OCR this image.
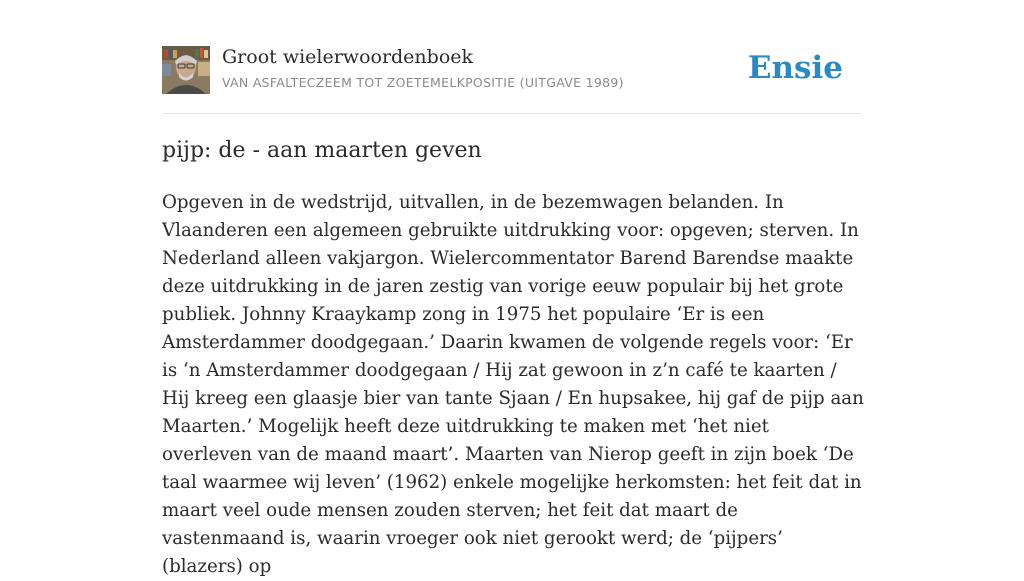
Groot wielerwoordenboek
VAN ASFALTECZEEM TOT ZOETEMELKPOSITIE (UITGAVE 1989)	Ensie
pijp: de - aan maarten geven

Opgeven in de wedstrijd, uitvallen, in de bezemwagen belanden. In Vlaanderen een algemeen gebruikte uitdrukking voor: opgeven; sterven. In Nederland alleen vakjargon. Wielercommentator Barend Barendse maakte deze uitdrukking in de jaren zestig van vorige eeuw populair bij het grote publiek. Johnny Kraaykamp zong in 1975 het populaire ‘Er is een Amsterdammer doodgegaan.’ Daarin kwamen de volgende regels voor: ‘Er is ‘n Amsterdammer doodgegaan / Hij zat gewoon in z’n café te kaarten / Hij kreeg een glaasje bier van tante Sjaan / En hupsakee, hij gaf de pijp aan Maarten.’ Mogelijk heeft deze uitdrukking te maken met ‘het niet overleven van de maand maart’. Maarten van Nierop geeft in zijn boek ‘De taal waarmee wij leven’ (1962) enkele mogelijke herkomsten: het feit dat in maart veel oude mensen zouden sterven; het feit dat maart de vastenmaand is, waarin vroeger ook niet gerookt werd; de ‘pijpers’ (blazers) op
